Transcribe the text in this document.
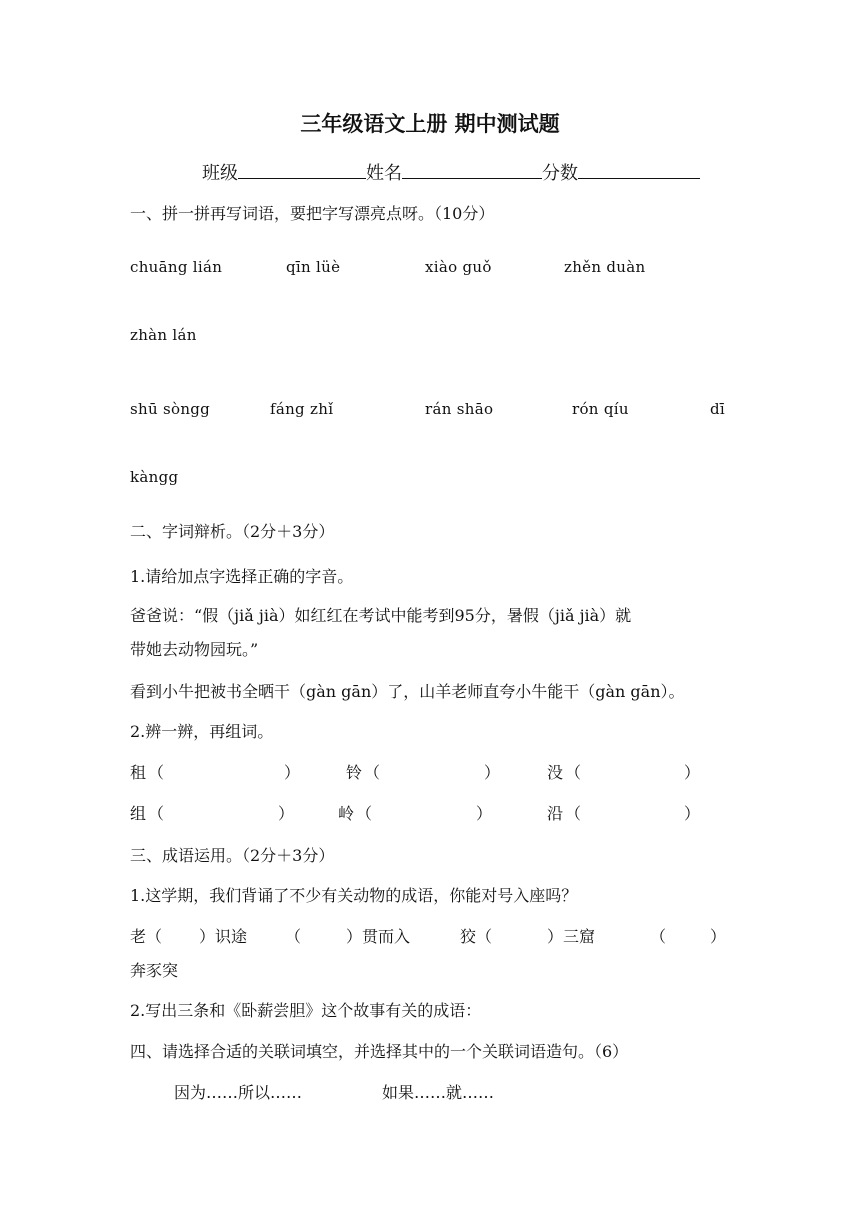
三年级语文上册 期中测试题
班级	姓名	分数
一、拼一拼再写词语，要把字写漂亮点呀。（10分）
chuāng lián	qīn lüè	xiào guǒ	zhěn duàn
zhàn lán
shū sòngg	fáng zhǐ	rán shāo	rón qíu	dī
kàngg
二、字词辩析。（2分＋3分）
1.请给加点字选择正确的字音。
爸爸说：“假（jiǎ jià）如红红在考试中能考到95分，暑假（jiǎ jià）就
带她去动物园玩。”
看到小牛把被书全晒干（gàn gān）了，山羊老师直夸小牛能干（gàn gān）。
2.辨一辨，再组词。
租 （	）	铃 （	）	没 （	）
组 （	）	岭 （	）	沿 （	）
三、成语运用。（2分＋3分）
1.这学期，我们背诵了不少有关动物的成语，你能对号入座吗？
老（ ）识途 （	）贯而入	狡（	）三窟	（	）
奔豕突
2.写出三条和《卧薪尝胆》这个故事有关的成语：
四、请选择合适的关联词填空，并选择其中的一个关联词语造句。（6）
因为……所以……	如果……就……
